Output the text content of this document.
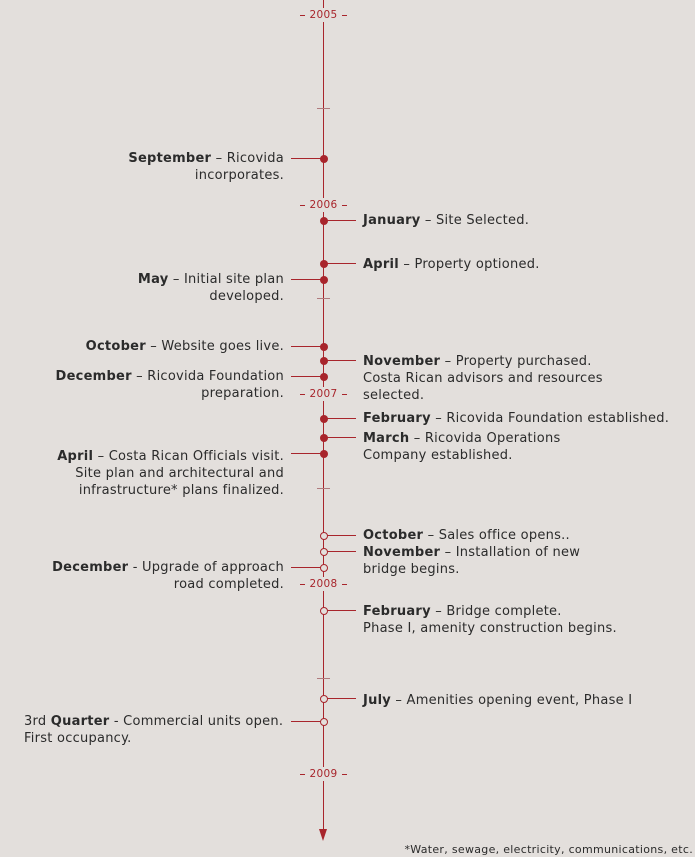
2005
2006
2007
2008
2009
September – Ricovida
incorporates.
May – Initial site plan
developed.
October – Website goes live.
December – Ricovida Foundation
preparation.
April – Costa Rican Officials visit.
Site plan and architectural and
infrastructure* plans finalized.
December - Upgrade of approach
road completed.
3rd Quarter - Commercial units open.
First occupancy.
January – Site Selected.
April – Property optioned.
November – Property purchased.
Costa Rican advisors and resources
selected.
February – Ricovida Foundation established.
March – Ricovida Operations
Company established.
October – Sales office opens..
November – Installation of new
bridge begins.
February – Bridge complete.
Phase I, amenity construction begins.
July – Amenities opening event, Phase I
*Water, sewage, electricity, communications, etc.
